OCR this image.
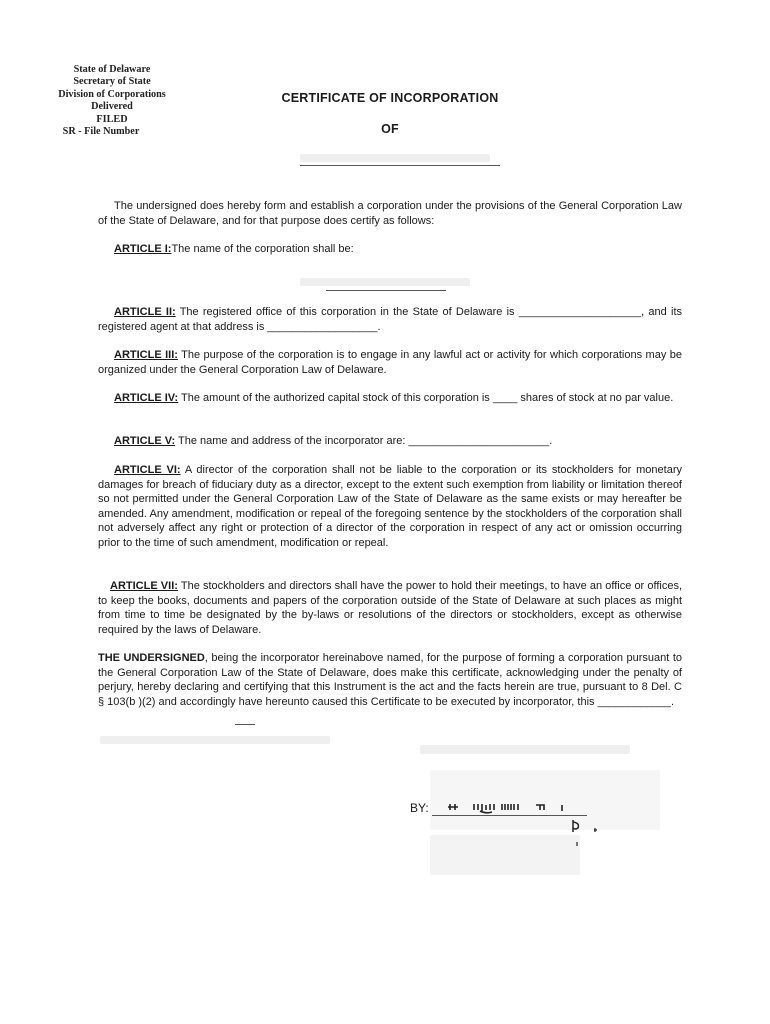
State of Delaware
Secretary of State
Division of Corporations
Delivered
FILED
SR - File Number
CERTIFICATE OF INCORPORATION
OF
The undersigned does hereby form and establish a corporation under the provisions of the General Corporation Law of the State of Delaware, and for that purpose does certify as follows:
ARTICLE I:The name of the corporation shall be:
ARTICLE II: The registered office of this corporation in the State of Delaware is ____________________, and its registered agent at that address is __________________.
ARTICLE III: The purpose of the corporation is to engage in any lawful act or activity for which corporations may be organized under the General Corporation Law of Delaware.
ARTICLE IV: The amount of the authorized capital stock of this corporation is ____ shares of stock at no par value.
ARTICLE V: The name and address of the incorporator are: _______________________.
ARTICLE VI: A director of the corporation shall not be liable to the corporation or its stockholders for monetary damages for breach of fiduciary duty as a director, except to the extent such exemption from liability or limitation thereof so not permitted under the General Corporation Law of the State of Delaware as the same exists or may hereafter be amended. Any amendment, modification or repeal of the foregoing sentence by the stockholders of the corporation shall not adversely affect any right or protection of a director of the corporation in respect of any act or omission occurring prior to the time of such amendment, modification or repeal.
ARTICLE VII: The stockholders and directors shall have the power to hold their meetings, to have an office or offices, to keep the books, documents and papers of the corporation outside of the State of Delaware at such places as might from time to time be designated by the by-laws or resolutions of the directors or stockholders, except as otherwise required by the laws of Delaware.
THE UNDERSIGNED, being the incorporator hereinabove named, for the purpose of forming a corporation pursuant to the General Corporation Law of the State of Delaware, does make this certificate, acknowledging under the penalty of perjury, hereby declaring and certifying that this Instrument is the act and the facts herein are true, pursuant to 8 Del. C § 103(b )(2) and accordingly have hereunto caused this Certificate to be executed by incorporator, this ____________.
BY:
